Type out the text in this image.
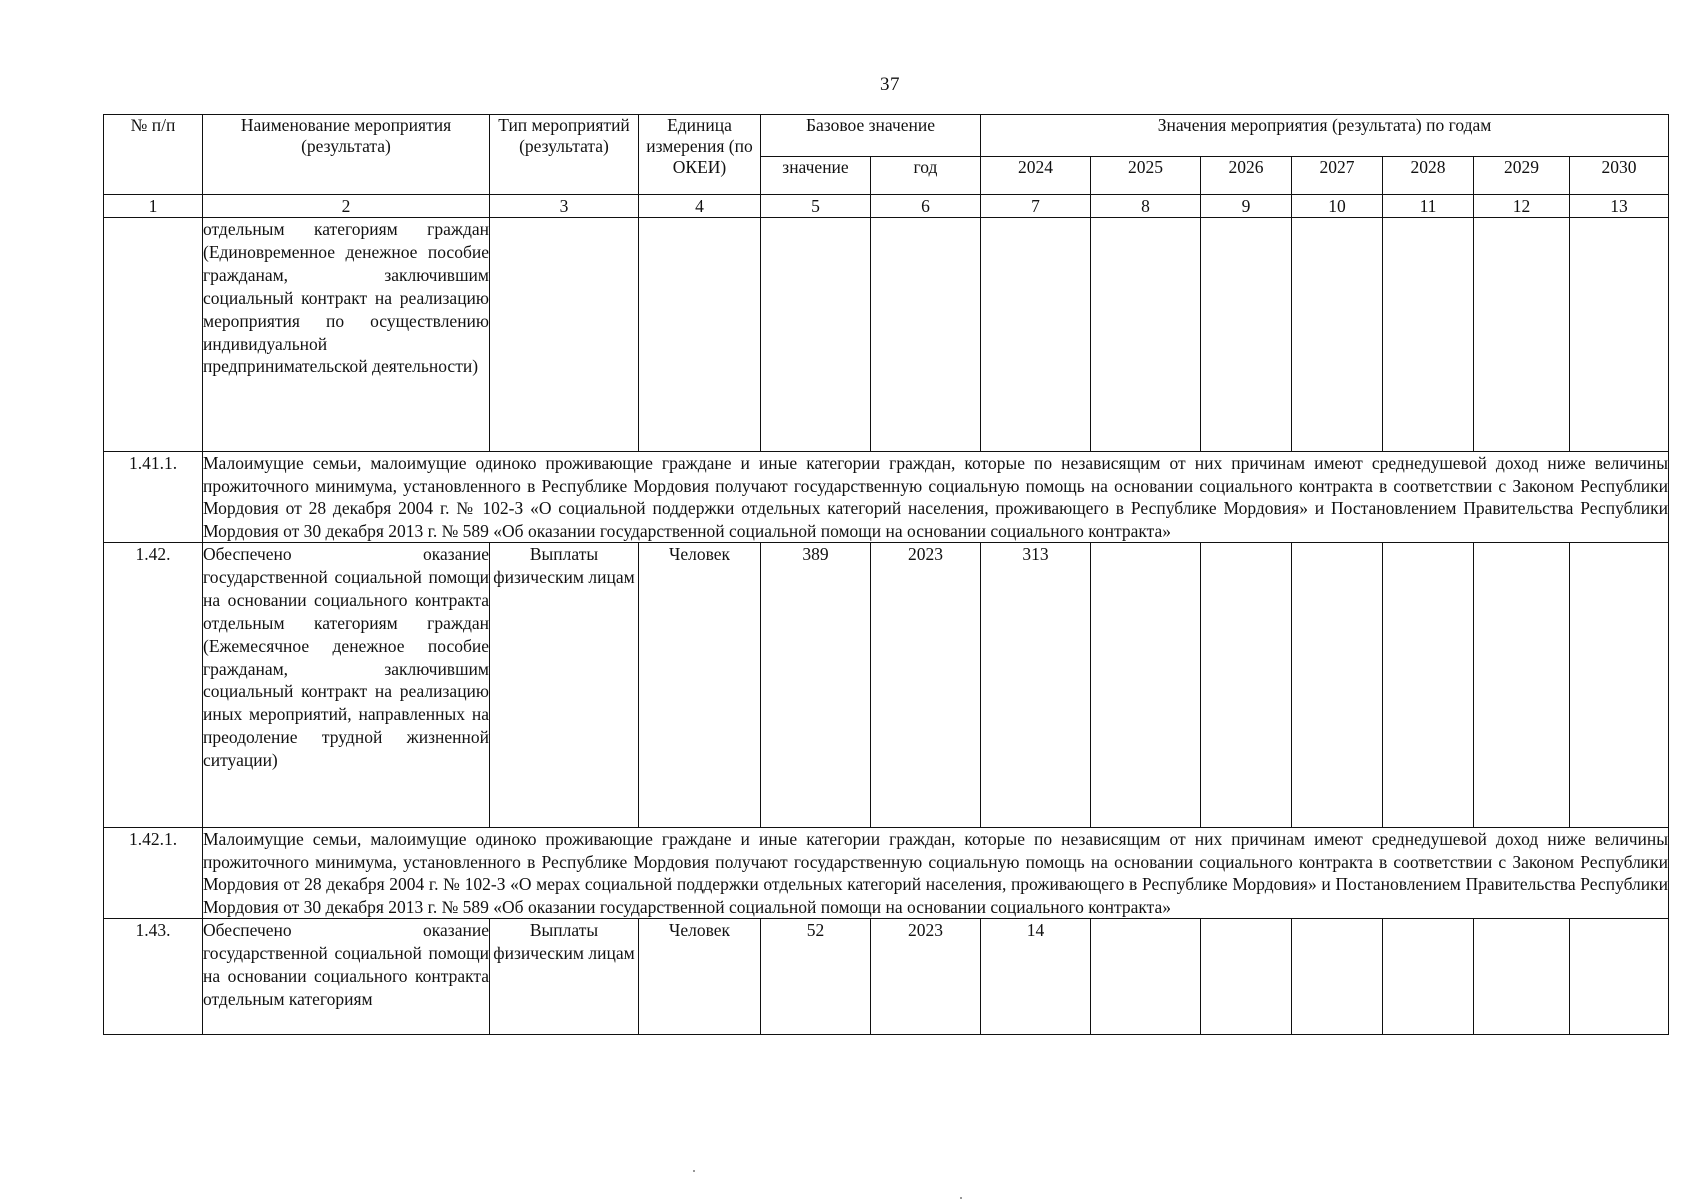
37
№ п/п	Наименование мероприятия (результата)	Тип мероприятий (результата)	Единица измерения (по ОКЕИ)	Базовое значение		Значения мероприятия (результата) по годам						
				значение	год	2024	2025	2026	2027	2028	2029	2030
1	2	3	4	5	6	7	8	9	10	11	12	13
	отдельным категориям граждан (Единовременное денежное пособие гражданам, заключившим социальный контракт на реализацию мероприятия по осуществлению индивидуальной предпринимательской деятельности)											
1.41.1.	Малоимущие семьи, малоимущие одиноко проживающие граждане и иные категории граждан, которые по независящим от них причинам имеют среднедушевой доход ниже величины прожиточного минимума, установленного в Республике Мордовия получают государственную социальную помощь на основании социального контракта в соответствии с Законом Республики Мордовия от 28 декабря 2004 г. № 102-З «О социальной поддержки отдельных категорий населения, проживающего в Республике Мордовия» и Постановлением Правительства Республики Мордовия от 30 декабря 2013 г. № 589 «Об оказании государственной социальной помощи на основании социального контракта»											
1.42.	Обеспечено оказание государственной социальной помощи на основании социального контракта отдельным категориям граждан (Ежемесячное денежное пособие гражданам, заключившим социальный контракт на реализацию иных мероприятий, направленных на преодоление трудной жизненной ситуации)	Выплаты физическим лицам	Человек	389	2023	313						
1.42.1.	Малоимущие семьи, малоимущие одиноко проживающие граждане и иные категории граждан, которые по независящим от них причинам имеют среднедушевой доход ниже величины прожиточного минимума, установленного в Республике Мордовия получают государственную социальную помощь на основании социального контракта в соответствии с Законом Республики Мордовия от 28 декабря 2004 г. № 102-З «О мерах социальной поддержки отдельных категорий населения, проживающего в Республике Мордовия» и Постановлением Правительства Республики Мордовия от 30 декабря 2013 г. № 589 «Об оказании государственной социальной помощи на основании социального контракта»											
1.43.	Обеспечено оказание государственной социальной помощи на основании социального контракта отдельным категориям	Выплаты физическим лицам	Человек	52	2023	14						
